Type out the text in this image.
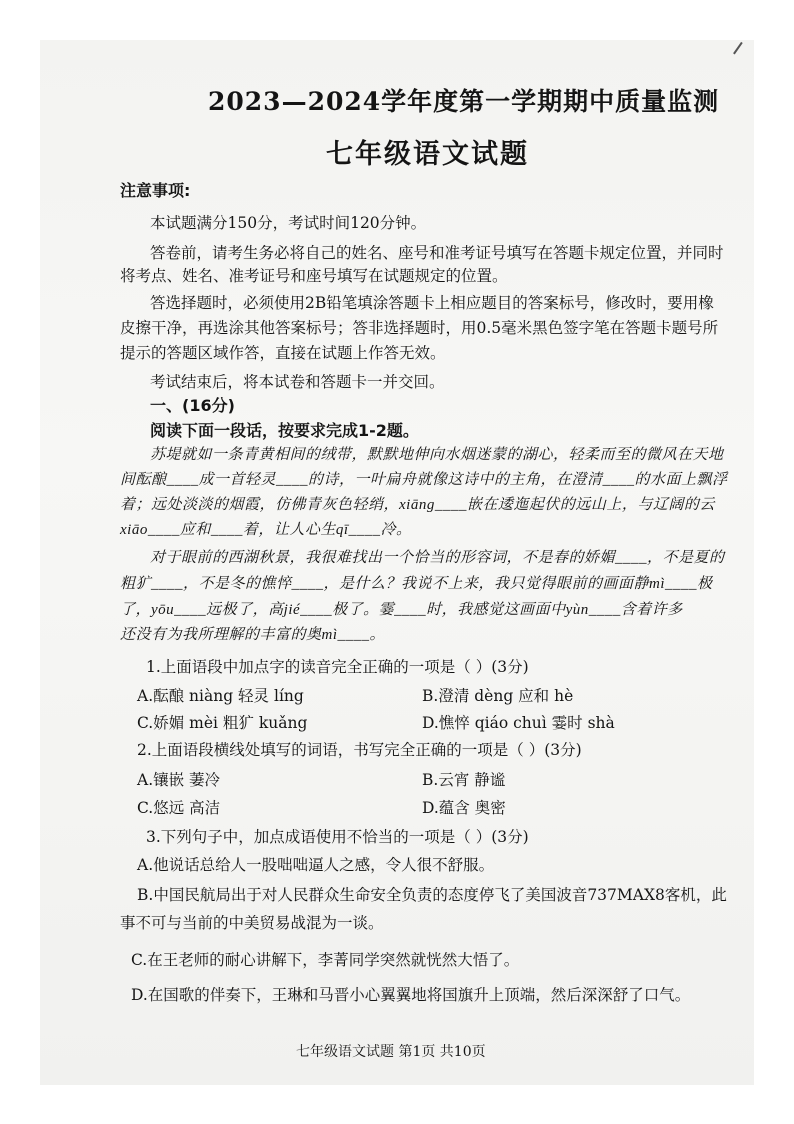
2023—2024学年度第一学期期中质量监测
七年级语文试题
注意事项:
本试题满分150分，考试时间120分钟。
答卷前，请考生务必将自己的姓名、座号和准考证号填写在答题卡规定位置，并同时
将考点、姓名、准考证号和座号填写在试题规定的位置。
答选择题时，必须使用2B铅笔填涂答题卡上相应题目的答案标号，修改时，要用橡
皮擦干净，再选涂其他答案标号；答非选择题时，用0.5毫米黑色签字笔在答题卡题号所
提示的答题区域作答，直接在试题上作答无效。
考试结束后，将本试卷和答题卡一并交回。
一、(16分)
阅读下面一段话，按要求完成1-2题。
苏堤就如一条青黄相间的绒带，默默地伸向水烟迷蒙的湖心，轻柔而至的微风在天地
间酝酿____成一首轻灵____的诗，一叶扁舟就像这诗中的主角，在澄清____的水面上飘浮
着；远处淡淡的烟霞，仿佛青灰色轻绡，xiāng____嵌在逶迤起伏的远山上，与辽阔的云
xiāo____应和____着，让人心生qī____冷。
对于眼前的西湖秋景，我很难找出一个恰当的形容词，不是春的娇媚____，不是夏的
粗犷____，不是冬的憔悴____，是什么？我说不上来，我只觉得眼前的画面静mì____极
了，yōu____远极了，高jié____极了。霎____时，我感觉这画面中yùn____含着许多
还没有为我所理解的丰富的奥mì____。
1.上面语段中加点字的读音完全正确的一项是（ ）(3分)
A.酝酿 niàng 轻灵 líng	B.澄清 dèng 应和 hè
C.娇媚 mèi 粗犷 kuǎng	D.憔悴 qiáo chuì 霎时 shà
2.上面语段横线处填写的词语，书写完全正确的一项是（ ）(3分)
A.镶嵌 萋冷	B.云宵 静谧
C.悠远 高洁	D.蕴含 奥密
3.下列句子中，加点成语使用不恰当的一项是（ ）(3分)
A.他说话总给人一股咄咄逼人之感，令人很不舒服。
B.中国民航局出于对人民群众生命安全负责的态度停飞了美国波音737MAX8客机，此
事不可与当前的中美贸易战混为一谈。
C.在王老师的耐心讲解下，李菁同学突然就恍然大悟了。
D.在国歌的伴奏下，王琳和马晋小心翼翼地将国旗升上顶端，然后深深舒了口气。
七年级语文试题 第1页 共10页
